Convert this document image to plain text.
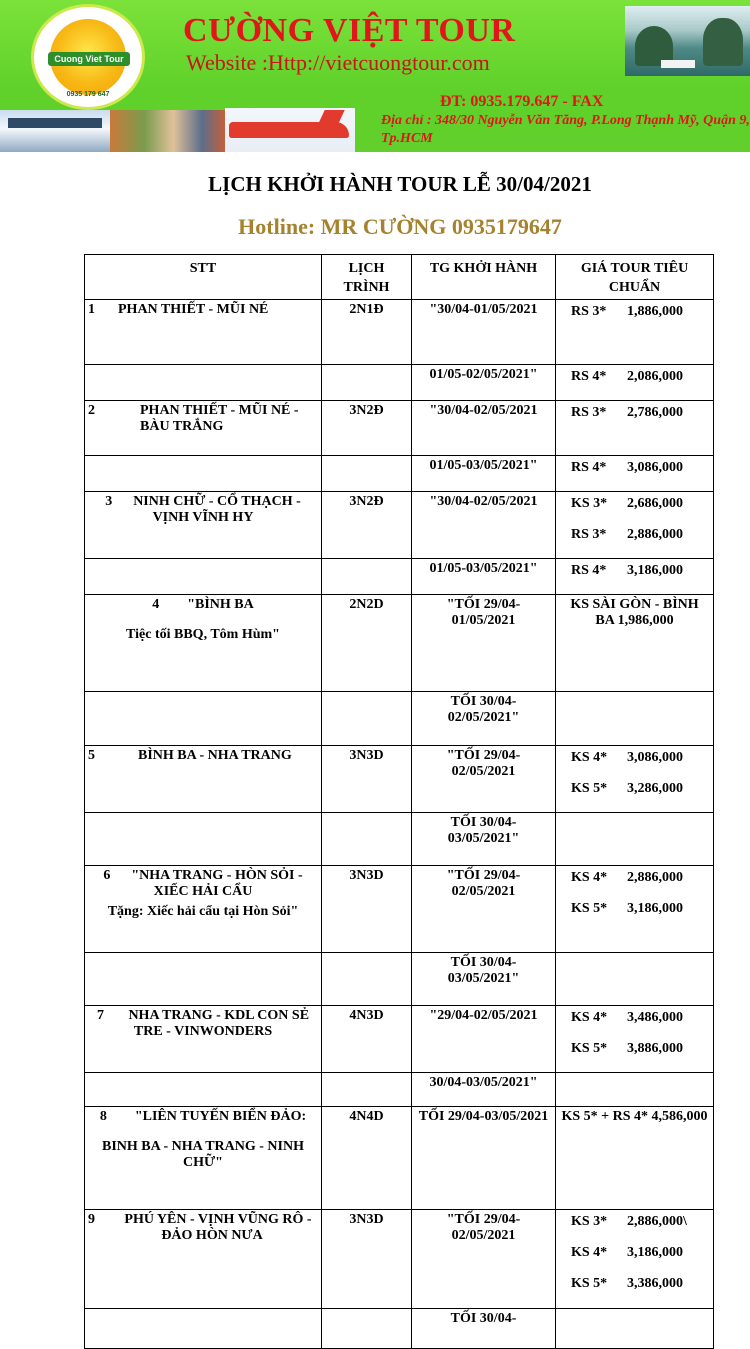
Cuong Viet Tour
0935 179 647
CƯỜNG VIỆT TOUR
Website :Http://vietcuongtour.com
ĐT: 0935.179.647 - FAX
Địa chỉ : 348/30 Nguyễn Văn Tăng, P.Long Thạnh Mỹ, Quận 9, Tp.HCM
LỊCH KHỞI HÀNH TOUR LỄ 30/04/2021
Hotline: MR CƯỜNG 0935179647
STT	LỊCH TRÌNH	TG KHỞI HÀNH	GIÁ TOUR TIÊU CHUẨN
1 PHAN THIẾT - MŨI NÉ	2N1Đ	"30/04-01/05/2021	RS 3* 1,886,000

		01/05-02/05/2021"	RS 4* 2,086,000

2 PHAN THIẾT - MŨI NÉ - BÀU TRẮNG	3N2Đ	"30/04-02/05/2021	RS 3* 2,786,000

		01/05-03/05/2021"	RS 4* 3,086,000

3 NINH CHỮ - CỔ THẠCH - VỊNH VĨNH HY	3N2Đ	"30/04-02/05/2021	KS 3* 2,686,000
RS 3* 2,886,000

		01/05-03/05/2021"	RS 4* 3,186,000

4 "BÌNH BA
Tiệc tối BBQ, Tôm Hùm"	2N2D	"TỐI 29/04-01/05/2021	KS SÀI GÒN - BÌNH BA 1,986,000
		TỐI 30/04-02/05/2021"	
5 BÌNH BA - NHA TRANG	3N3D	"TỐI 29/04-02/05/2021	KS 4* 3,086,000
KS 5* 3,286,000

		TỐI 30/04-03/05/2021"	
6 "NHA TRANG - HÒN SỎI - XIẾC HẢI CẨU
Tặng: Xiếc hải cẩu tại Hòn Sỏi"	3N3D	"TỐI 29/04-02/05/2021	KS 4* 2,886,000
KS 5* 3,186,000

		TỐI 30/04-03/05/2021"	
7 NHA TRANG - KDL CON SẺ TRE - VINWONDERS	4N3D	"29/04-02/05/2021	KS 4* 3,486,000
KS 5* 3,886,000

		30/04-03/05/2021"	
8 "LIÊN TUYẾN BIỂN ĐẢO:
BINH BA - NHA TRANG - NINH CHỮ"	4N4D	TỐI 29/04-03/05/2021	KS 5* + RS 4* 4,586,000

9 PHÚ YÊN - VỊNH VŨNG RÔ - ĐẢO HÒN NƯA	3N3D	"TỐI 29/04-02/05/2021	KS 3* 2,886,000\
KS 4* 3,186,000
KS 5* 3,386,000

		TỐI 30/04-	
